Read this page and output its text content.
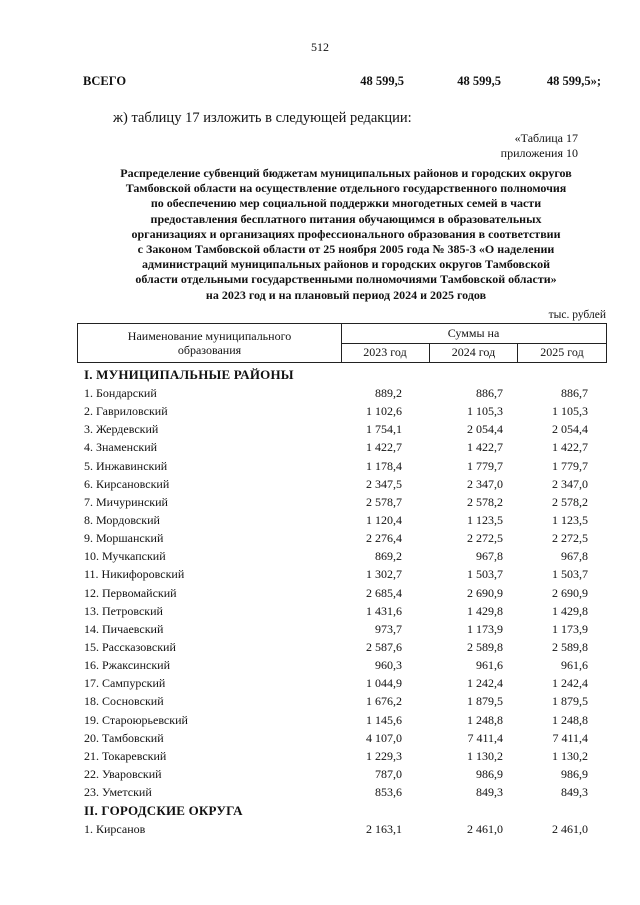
512
ВСЕГО	48 599,5	48 599,5	48 599,5»;
ж) таблицу 17 изложить в следующей редакции:
«Таблица 17
приложения 10
Распределение субвенций бюджетам муниципальных районов и городских округов
Тамбовской области на осуществление отдельного государственного полномочия
по обеспечению мер социальной поддержки многодетных семей в части
предоставления бесплатного питания обучающимся в образовательных
организациях и организациях профессионального образования в соответствии
с Законом Тамбовской области от 25 ноября 2005 года № 385-З «О наделении
администраций муниципальных районов и городских округов Тамбовской
области отдельными государственными полномочиями Тамбовской области»
на 2023 год и на плановый период 2024 и 2025 годов
тыс. рублей
Наименование муниципального
образования
Суммы на
2023 год	2024 год	2025 год
I. МУНИЦИПАЛЬНЫЕ РАЙОНЫ
1. Бондарский	889,2	886,7	886,7
2. Гавриловский	1 102,6	1 105,3	1 105,3
3. Жердевский	1 754,1	2 054,4	2 054,4
4. Знаменский	1 422,7	1 422,7	1 422,7
5. Инжавинский	1 178,4	1 779,7	1 779,7
6. Кирсановский	2 347,5	2 347,0	2 347,0
7. Мичуринский	2 578,7	2 578,2	2 578,2
8. Мордовский	1 120,4	1 123,5	1 123,5
9. Моршанский	2 276,4	2 272,5	2 272,5
10. Мучкапский	869,2	967,8	967,8
11. Никифоровский	1 302,7	1 503,7	1 503,7
12. Первомайский	2 685,4	2 690,9	2 690,9
13. Петровский	1 431,6	1 429,8	1 429,8
14. Пичаевский	973,7	1 173,9	1 173,9
15. Рассказовский	2 587,6	2 589,8	2 589,8
16. Ржаксинский	960,3	961,6	961,6
17. Сампурский	1 044,9	1 242,4	1 242,4
18. Сосновский	1 676,2	1 879,5	1 879,5
19. Староюрьевский	1 145,6	1 248,8	1 248,8
20. Тамбовский	4 107,0	7 411,4	7 411,4
21. Токаревский	1 229,3	1 130,2	1 130,2
22. Уваровский	787,0	986,9	986,9
23. Уметский	853,6	849,3	849,3
II. ГОРОДСКИЕ ОКРУГА
1. Кирсанов	2 163,1	2 461,0	2 461,0
